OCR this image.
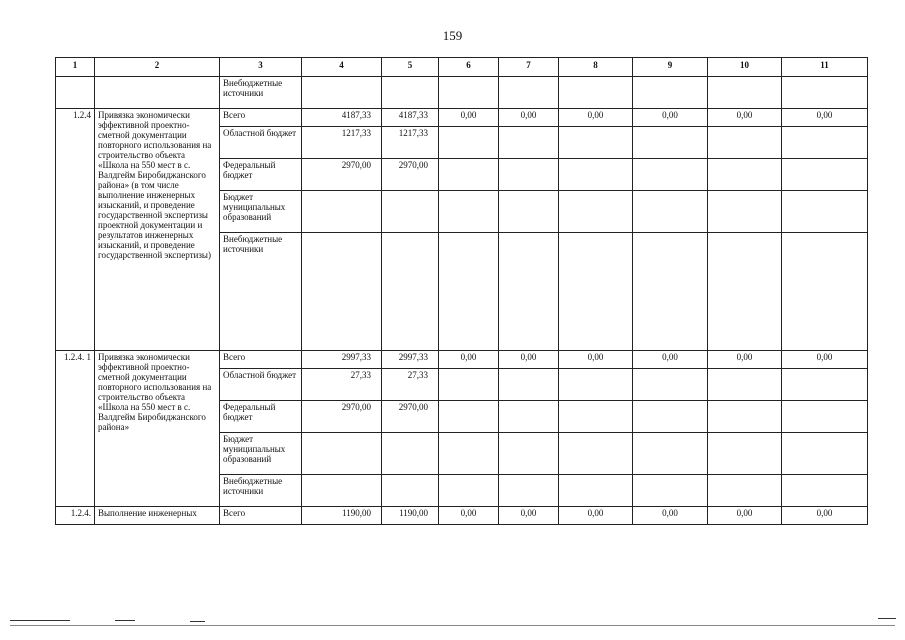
159
1	2	3	4	5	6	7	8	9	10	11
		Внебюджетные источники								
1.2.4	Привязка экономически эффективной проектно-сметной документации повторного использования на строительство объекта «Школа на 550 мест в с. Валдгейм Биробиджанского района» (в том числе выполнение инженерных изысканий, и проведение государственной экспертизы проектной документации и результатов инженерных изысканий, и проведение государственной экспертизы)	Всего	4187,33	4187,33	0,00	0,00	0,00	0,00	0,00	0,00
		Областной бюджет	1217,33	1217,33						
		Федеральный бюджет	2970,00	2970,00						
		Бюджет муниципальных образований								
		Внебюджетные источники								
1.2.4. 1	Привязка экономически эффективной проектно-сметной документации повторного использования на строительство объекта «Школа на 550 мест в с. Валдгейм Биробиджанского района»	Всего	2997,33	2997,33	0,00	0,00	0,00	0,00	0,00	0,00
		Областной бюджет	27,33	27,33						
		Федеральный бюджет	2970,00	2970,00						
		Бюджет муниципальных образований								
		Внебюджетные источники								
1.2.4.	Выполнение инженерных	Всего	1190,00	1190,00	0,00	0,00	0,00	0,00	0,00	0,00
